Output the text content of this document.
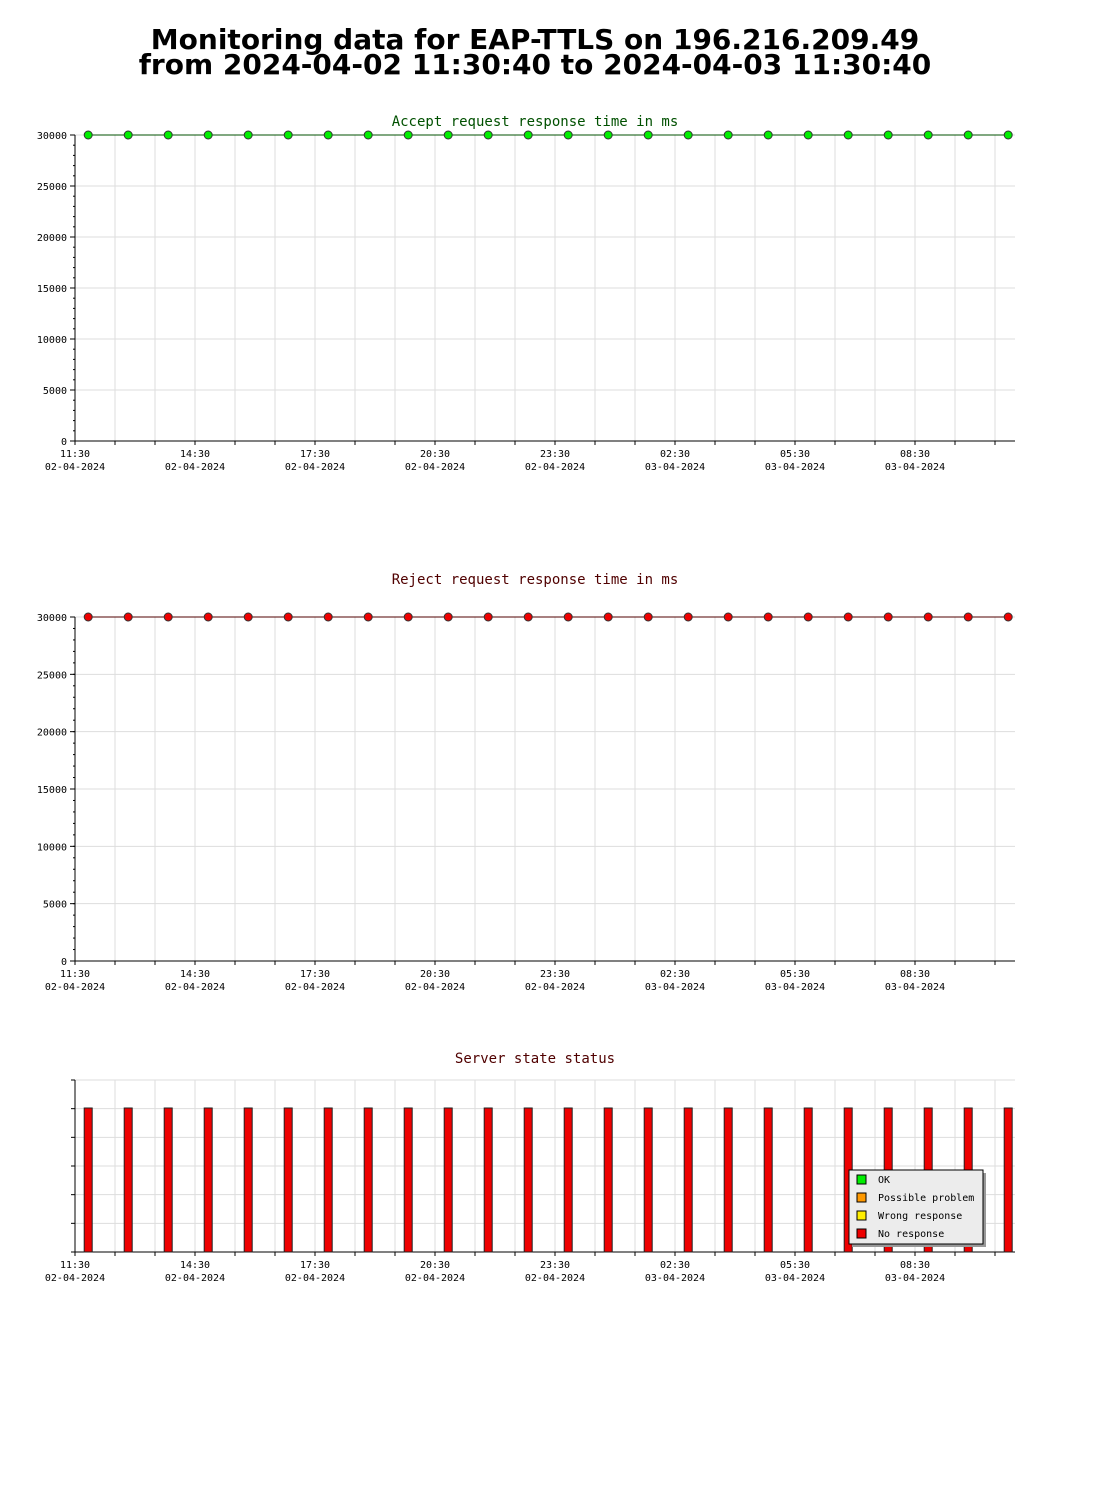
Monitoring data for EAP-TTLS on 196.216.209.49
from 2024-04-02 11:30:40 to 2024-04-03 11:30:40
Accept request response time in ms
0
5000
10000
15000
20000
25000
30000
11:30
02-04-2024
14:30
02-04-2024
17:30
02-04-2024
20:30
02-04-2024
23:30
02-04-2024
02:30
03-04-2024
05:30
03-04-2024
08:30
03-04-2024
Reject request response time in ms
0
5000
10000
15000
20000
25000
30000
11:30
02-04-2024
14:30
02-04-2024
17:30
02-04-2024
20:30
02-04-2024
23:30
02-04-2024
02:30
03-04-2024
05:30
03-04-2024
08:30
03-04-2024
Server state status
11:30
02-04-2024
14:30
02-04-2024
17:30
02-04-2024
20:30
02-04-2024
23:30
02-04-2024
02:30
03-04-2024
05:30
03-04-2024
08:30
03-04-2024
OK
Possible problem
Wrong response
No response
